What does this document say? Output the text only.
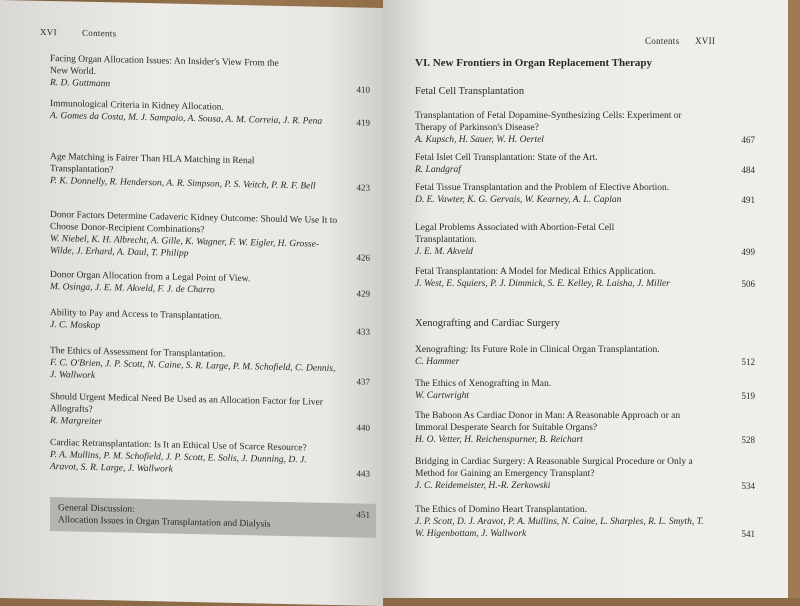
XVI	Contents
Facing Organ Allocation Issues: An Insider's View From the New World.
R. D. Guttmann
410
Immunological Criteria in Kidney Allocation.
A. Gomes da Costa, M. J. Sampaio, A. Sousa, A. M. Correia, J. R. Pena	419
Age Matching is Fairer Than HLA Matching in Renal Transplantation?
P. K. Donnelly, R. Henderson, A. R. Simpson, P. S. Veitch, P. R. F. Bell	423
Donor Factors Determine Cadaveric Kidney Outcome: Should We Use It to Choose Donor-Recipient Combinations?
W. Niebel, K. H. Albrecht, A. Gille, K. Wagner, F. W. Eigler, H. Grosse-Wilde, J. Erhard, A. Daul, T. Philipp	426
Donor Organ Allocation from a Legal Point of View.
M. Osinga, J. E. M. Akveld, F. J. de Charro	429
Ability to Pay and Access to Transplantation.
J. C. Moskop
433
The Ethics of Assessment for Transplantation.
F. C. O'Brien, J. P. Scott, N. Caine, S. R. Large, P. M. Schofield, C. Dennis, J. Wallwork
437
Should Urgent Medical Need Be Used as an Allocation Factor for Liver Allografts?
R. Margreiter
440
Cardiac Retransplantation: Is It an Ethical Use of Scarce Resource?
P. A. Mullins, P. M. Schofield, J. P. Scott, E. Solis, J. Dunning, D. J. Aravot, S. R. Large, J. Wallwork	443
General Discussion:
Allocation Issues in Organ Transplantation and Dialysis
451
Contents XVII
VI. New Frontiers in Organ Replacement Therapy
Fetal Cell Transplantation
Transplantation of Fetal Dopamine-Synthesizing Cells: Experiment or Therapy of Parkinson's Disease?
A. Kupsch, H. Sauer, W. H. Oertel	467
Fetal Islet Cell Transplantation: State of the Art.
R. Landgraf	484
Fetal Tissue Transplantation and the Problem of Elective Abortion.
D. E. Vawter, K. G. Gervais, W. Kearney, A. L. Caplan	491
Legal Problems Associated with Abortion-Fetal Cell Transplantation.
J. E. M. Akveld	499
Fetal Transplantation: A Model for Medical Ethics Application.
J. West, E. Squiers, P. J. Dimmick, S. E. Kelley, R. Laisha, J. Miller	506
Xenografting and Cardiac Surgery
Xenografting: Its Future Role in Clinical Organ Transplantation.
C. Hammer	512
The Ethics of Xenografting in Man.
W. Cartwright	519
The Baboon As Cardiac Donor in Man: A Reasonable Approach or an Immoral Desperate Search for Suitable Organs?
H. O. Vetter, H. Reichenspurner, B. Reichart	528
Bridging in Cardiac Surgery: A Reasonable Surgical Procedure or Only a Method for Gaining an Emergency Transplant?
J. C. Reidemeister, H.-R. Zerkowski	534
The Ethics of Domino Heart Transplantation.
J. P. Scott, D. J. Aravot, P. A. Mullins, N. Caine, L. Sharples, R. L. Smyth, T. W. Higenbottam, J. Wallwork	541
